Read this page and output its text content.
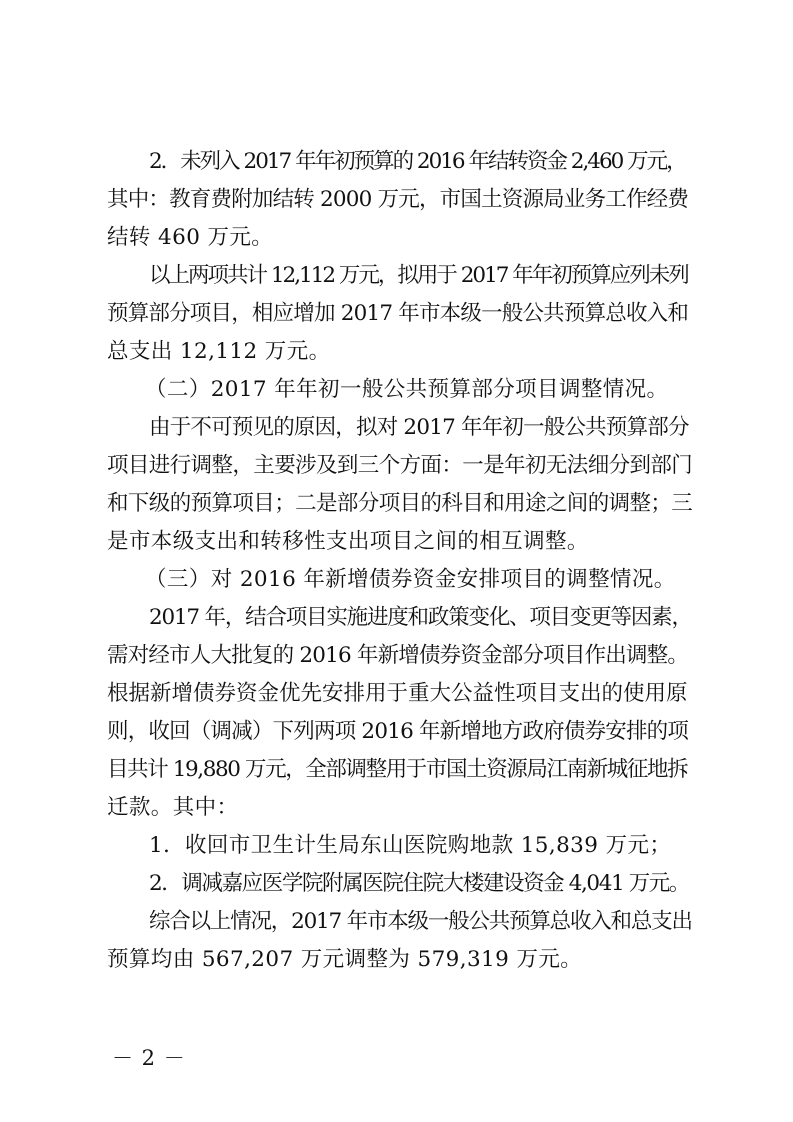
2．未列入 2017 年年初预算的 2016 年结转资金 2,460 万元，
其中：教育费附加结转 2000 万元，市国土资源局业务工作经费
结转 460 万元。
以上两项共计 12,112 万元，拟用于 2017 年年初预算应列未列
预算部分项目，相应增加 2017 年市本级一般公共预算总收入和
总支出 12,112 万元。
（二）2017 年年初一般公共预算部分项目调整情况。
由于不可预见的原因，拟对 2017 年年初一般公共预算部分
项目进行调整，主要涉及到三个方面：一是年初无法细分到部门
和下级的预算项目；二是部分项目的科目和用途之间的调整；三
是市本级支出和转移性支出项目之间的相互调整。
（三）对 2016 年新增债券资金安排项目的调整情况。
2017 年，结合项目实施进度和政策变化、项目变更等因素，
需对经市人大批复的 2016 年新增债券资金部分项目作出调整。
根据新增债券资金优先安排用于重大公益性项目支出的使用原
则，收回（调减）下列两项 2016 年新增地方政府债券安排的项
目共计 19,880 万元，全部调整用于市国土资源局江南新城征地拆
迁款。其中：
1．收回市卫生计生局东山医院购地款 15,839 万元；
2．调减嘉应医学院附属医院住院大楼建设资金 4,041 万元。
综合以上情况，2017 年市本级一般公共预算总收入和总支出
预算均由 567,207 万元调整为 579,319 万元。
－ 2 －
